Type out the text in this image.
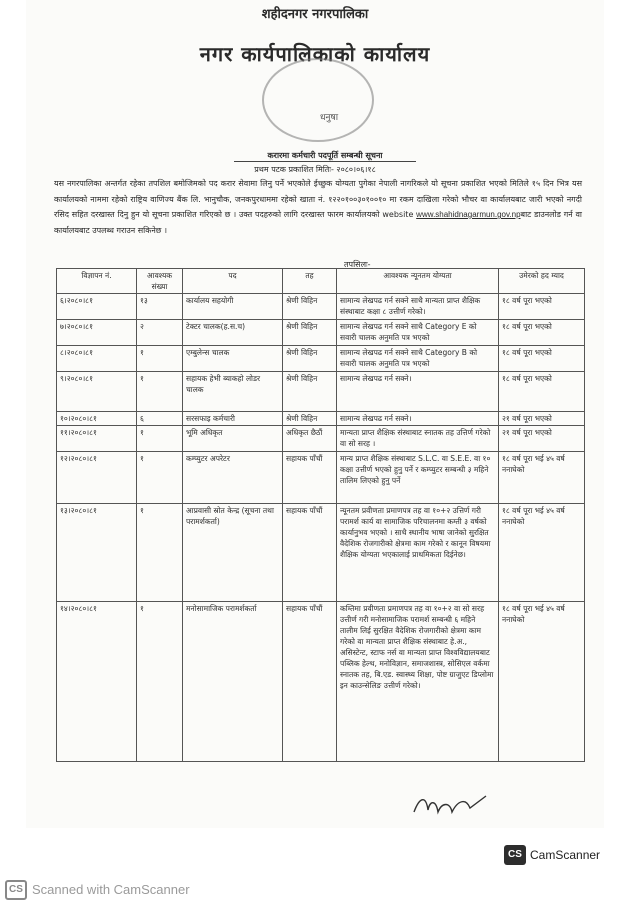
शहीदनगर नगरपालिका
नगर कार्यपालिकाको कार्यालय
धनुषा
करारमा कर्मचारी पदपूर्ति सम्बन्धी सूचना
प्रथम पटक प्रकाशित मितिः- २०८०।०६।१८
यस नगरपालिका अन्तर्गत रहेका तपशिल बमोजिमको पद करार सेवामा लिनु पर्ने भएकोले ईच्छुक योग्यता पुगेका नेपाली नागरिकले यो सूचना प्रकाशित भएको मितिले १५ दिन भित्र यस कार्यालयको नाममा रहेको राष्ट्रिय वाणिज्य बैंक लि. भानुचौक, जनकपुरधाममा रहेको खाता नं. १२२०१००३०१००१० मा रकम दाखिला गरेको भौचर वा कार्यालयबाट जारी भएको नगदी रसिद सहित दरखास्त दिनु हुन यो सूचना प्रकाशित गरिएको छ । उक्त पदहरुको लागि दरखास्त फारम कार्यालयको website www.shahidnagarmun.gov.npबाट डाउनलोड गर्न वा कार्यालयबाट उपलब्ध गराउन सकिनेछ ।
तपसिलः-
विज्ञापन नं.	आवश्यक संख्या	पद	तह	आवश्यक न्यूनतम योग्यता	उमेरको हद म्याद
६।२०८०।८१	१३	कार्यालय सहयोगी	श्रेणी विहिन	सामान्य लेखपढ गर्न सक्ने साथै मान्यता प्राप्त शैक्षिक संस्थाबाट कक्षा ८ उत्तीर्ण गरेको।	१८ वर्ष पूरा भएको
७।२०८०।८१	२	टेक्टर चालक(ह.स.च)	श्रेणी विहिन	सामान्य लेखपढ गर्न सक्ने साथै Category E को सवारी चालक अनुमति पत्र भएको	१८ वर्ष पूरा भएको
८।२०८०।८१	१	एम्बुलेन्स चालक	श्रेणी विहिन	सामान्य लेखपढ गर्न सक्ने साथै Category B को सवारी चालक अनुमति पत्र भएको	१८ वर्ष पूरा भएको
९।२०८०।८१	१	सहायक हेभी ब्याकहो लोडर चालक	श्रेणी विहिन	सामान्य लेखपढ गर्न सक्ने।	१८ वर्ष पूरा भएको
१०।२०८०।८१	६	सरसफाइ कर्मचारी	श्रेणी विहिन	सामान्य लेखपढ गर्न सक्ने।	२१ वर्ष पूरा भएको
११।२०८०।८१	१	भूमि अधिकृत	अधिकृत छैठौं	मान्यता प्राप्त शैक्षिक संस्थाबाट स्नातक तह उत्तिर्ण गरेको वा सो सरह ।	२१ वर्ष पूरा भएको
१२।२०८०।८१	१	कम्प्युटर अपरेटर	सहायक पाँचौं	मान्य प्राप्त शैक्षिक संस्थाबाट S.L.C. वा S.E.E. वा १० कक्षा उत्तीर्ण भएको हुनु पर्ने र कम्प्युटर सम्बन्धी ३ महिने तालिम लिएको हुनु पर्ने	१८ वर्ष पूरा भई ४५ वर्ष ननाघेको
१३।२०८०।८१	१	आप्रवासी स्रोत केन्द्र (सूचना तथा परामर्शकर्ता)	सहायक पाँचौं	न्यूनतम प्रवीणता प्रमाणपत्र तह वा १०+२ उत्तिर्ण गरी परामर्श कार्य वा सामाजिक परिचालनमा कम्ती ३ वर्षको कार्यानुभव भएको । साथै स्थानीय भाषा जानेको सुरक्षित वैदेशिक रोजगारीको क्षेत्रमा काम गरेको र कानून विषयमा शैक्षिक योग्यता भएकालाई प्राथमिकता दिईनेछ।	१८ वर्ष पूरा भई ४५ वर्ष ननाघेको
१४।२०८०।८१	१	मनोसामाजिक परामर्शकर्ता	सहायक पाँचौं	कम्तिमा प्रवीणता प्रमाणपत्र तह वा १०+२ वा सो सरह उत्तीर्ण गरी मनोसामाजिक परामर्श सम्बन्धी ६ महिने तालीम लिई सुरक्षित वैदेशिक रोजगारीको क्षेत्रमा काम गरेको वा मान्यता प्राप्त शैक्षिक संस्थाबाट हे.अ., असिस्टेन्ट, स्टाफ नर्स वा मान्यता प्राप्त विश्वविद्यालयबाट पब्लिक हेल्थ, मनोविज्ञान, समाजशास्त्र, सोसिएल वर्कमा स्नातक तह, बि.एड. स्वास्थ्य शिक्षा, पोष्ट ग्राजुएट डिप्लोमा इन काउन्सेलिङ उत्तीर्ण गरेको।	१८ वर्ष पूरा भई ४५ वर्ष ननाघेको
CS CamScanner
CS Scanned with CamScanner
